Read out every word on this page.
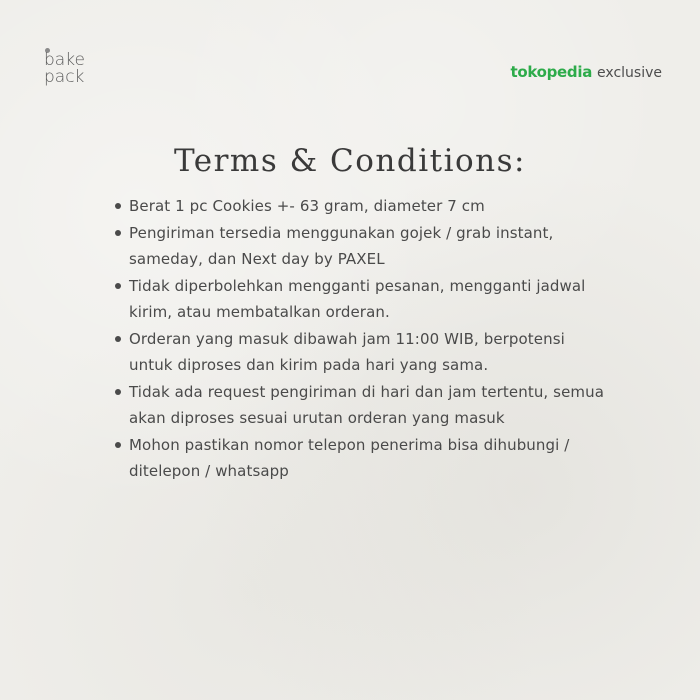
bake
pack	tokopedia exclusive
Terms & Conditions:
Berat 1 pc Cookies +- 63 gram, diameter 7 cm
Pengiriman tersedia menggunakan gojek / grab instant, sameday, dan Next day by PAXEL
Tidak diperbolehkan mengganti pesanan, mengganti jadwal kirim, atau membatalkan orderan.
Orderan yang masuk dibawah jam 11:00 WIB, berpotensi untuk diproses dan kirim pada hari yang sama.
Tidak ada request pengiriman di hari dan jam tertentu, semua akan diproses sesuai urutan orderan yang masuk
Mohon pastikan nomor telepon penerima bisa dihubungi / ditelepon / whatsapp
